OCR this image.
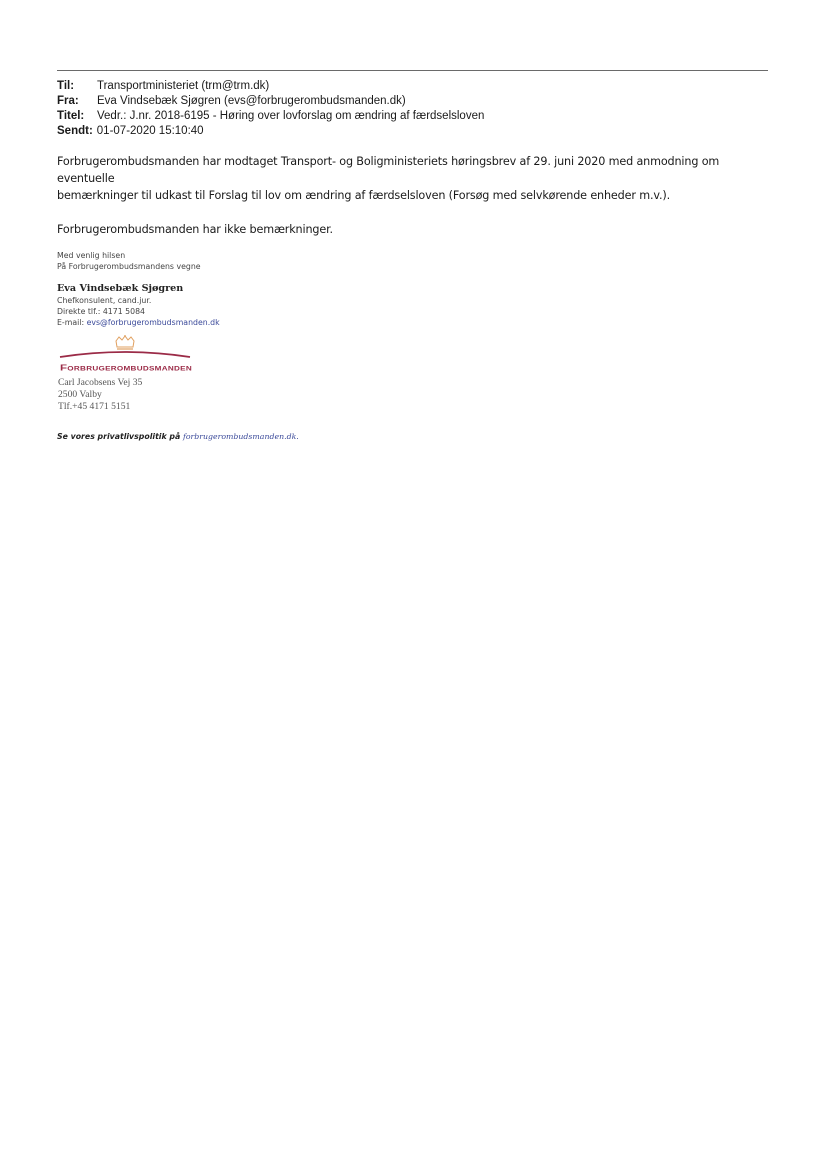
Til:	Transportministeriet (trm@trm.dk)
Fra:	Eva Vindsebæk Sjøgren (evs@forbrugerombudsmanden.dk)
Titel:	Vedr.: J.nr. 2018-6195 - Høring over lovforslag om ændring af færdselsloven
Sendt: 01-07-2020 15:10:40

Forbrugerombudsmanden har modtaget Transport- og Boligministeriets høringsbrev af 29. juni 2020 med anmodning om eventuelle
bemærkninger til udkast til Forslag til lov om ændring af færdselsloven (Forsøg med selvkørende enheder m.v.).

Forbrugerombudsmanden har ikke bemærkninger.

Med venlig hilsen
På Forbrugerombudsmandens vegne
Eva Vindsebæk Sjøgren
Chefkonsulent, cand.jur.
Direkte tlf.: 4171 5084
E-mail: evs@forbrugerombudsmanden.dk
Forbrugerombudsmanden
Carl Jacobsens Vej 35
2500 Valby
Tlf.+45 4171 5151
Se vores privatlivspolitik på forbrugerombudsmanden.dk.
